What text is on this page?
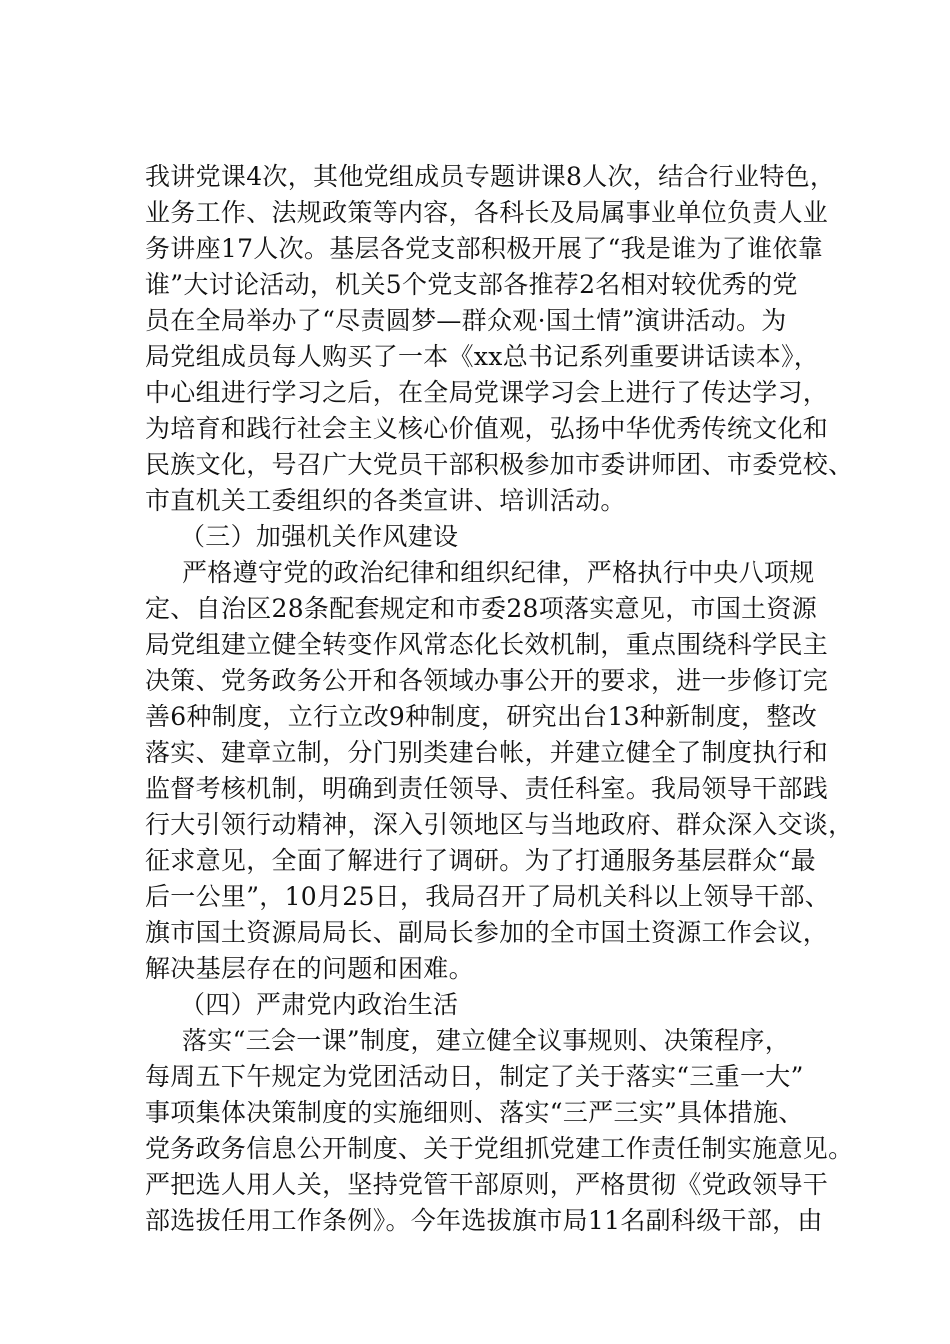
我讲党课4次，其他党组成员专题讲课8人次，结合行业特色，
业务工作、法规政策等内容，各科长及局属事业单位负责人业
务讲座17人次。基层各党支部积极开展了“我是谁为了谁依靠
谁”大讨论活动，机关5个党支部各推荐2名相对较优秀的党
员在全局举办了“尽责圆梦—群众观·国土情”演讲活动。为
局党组成员每人购买了一本《xx总书记系列重要讲话读本》，
中心组进行学习之后，在全局党课学习会上进行了传达学习，
为培育和践行社会主义核心价值观，弘扬中华优秀传统文化和
民族文化，号召广大党员干部积极参加市委讲师团、市委党校、
市直机关工委组织的各类宣讲、培训活动。
（三）加强机关作风建设
严格遵守党的政治纪律和组织纪律，严格执行中央八项规
定、自治区28条配套规定和市委28项落实意见，市国土资源
局党组建立健全转变作风常态化长效机制，重点围绕科学民主
决策、党务政务公开和各领域办事公开的要求，进一步修订完
善6种制度，立行立改9种制度，研究出台13种新制度，整改
落实、建章立制，分门别类建台帐，并建立健全了制度执行和
监督考核机制，明确到责任领导、责任科室。我局领导干部践
行大引领行动精神，深入引领地区与当地政府、群众深入交谈，
征求意见，全面了解进行了调研。为了打通服务基层群众“最
后一公里”，10月25日，我局召开了局机关科以上领导干部、
旗市国土资源局局长、副局长参加的全市国土资源工作会议，
解决基层存在的问题和困难。
（四）严肃党内政治生活
落实“三会一课”制度，建立健全议事规则、决策程序，
每周五下午规定为党团活动日，制定了关于落实“三重一大”
事项集体决策制度的实施细则、落实“三严三实”具体措施、
党务政务信息公开制度、关于党组抓党建工作责任制实施意见。
严把选人用人关，坚持党管干部原则，严格贯彻《党政领导干
部选拔任用工作条例》。今年选拔旗市局11名副科级干部，由
